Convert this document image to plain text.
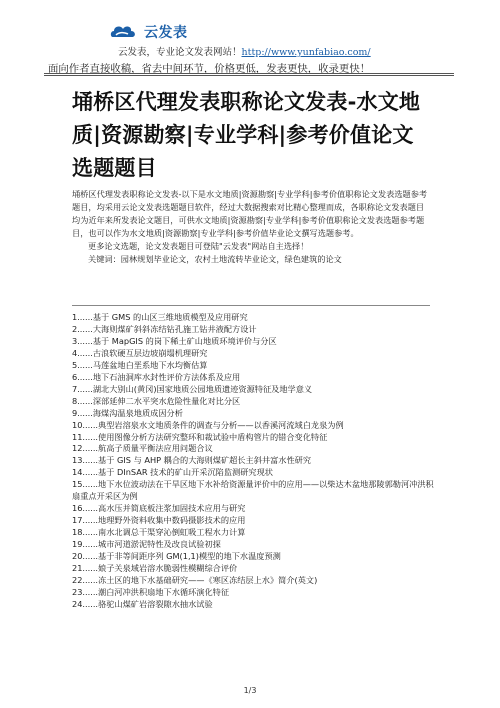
云发表
云发表，专业论文发表网站！http://www.yunfabiao.com/
面向作者直接收稿，省去中间环节，价格更低，发表更快，收录更快！
埇桥区代理发表职称论文发表-水文地质|资源勘察|专业学科|参考价值论文选题题目

埇桥区代理发表职称论文发表-以下是水文地质|资源勘察|专业学科|参考价值职称论文发表选题参考题目，均采用云论文发表选题题目软件，经过大数据搜索对比精心整理而成，各职称论文发表题目均为近年来所发表论文题目，可供水文地质|资源勘察|专业学科|参考价值职称论文发表选题参考题目，也可以作为水文地质|资源勘察|专业学科|参考价值毕业论文撰写选题参考。

更多论文选题，论文发表题目可登陆"云发表"网站自主选择！

关键词：园林规划毕业论文，农村土地流转毕业论文，绿色建筑的论文

1......基于 GMS 的山区三维地质模型及应用研究
2......大海则煤矿斜斜冻结钻孔施工钻井液配方设计
3......基于 MapGIS 的岗下稀土矿山地质环境评价与分区
4......古浪软硬互层边坡崩塌机理研究
5......马莲盆地白垩系地下水均衡估算
6......地下石油洞库水封性评价方法体系及应用
7......湖北大别山(黄冈)国家地质公园地质遗迹资源特征及地学意义
8......深部延伸二水平突水危险性量化对比分区
9......海煤沟温泉地质成因分析
10......典型岩溶泉水文地质条件的调查与分析——以香溪河流域白龙泉为例
11......使用图像分析方法研究整环和裁试验中盾构管片的错合变化特征
12......航高子质量平衡法应用问题合议
13......基于 GIS 与 AHP 耦合的大海则煤矿超长主斜井富水性研究
14......基于 DInSAR 技术的矿山开采沉陷监测研究现状
15......地下水位波动法在干旱区地下水补给资源量评价中的应用——以柴达木盆地那陵郭勒河冲洪积扇重点开采区为例
16......高水压并简底板注浆加固技术应用与研究
17......地理野外资料收集中数码摄影技术的应用
18......南水北调总干渠穿沁倒虹吸工程水力计算
19......城市河道淤泥特性及改良试验初探
20......基于非等间距序列 GM(1,1)模型的地下水温度预测
21......娘子关泉域岩溶水脆弱性模糊综合评价
22......冻土区的地下水基础研究——《寒区冻结层上水》简介(英文)
23......潮白河冲洪积扇地下水循环演化特征
24......骆驼山煤矿岩溶裂隙水抽水试验
1/3
